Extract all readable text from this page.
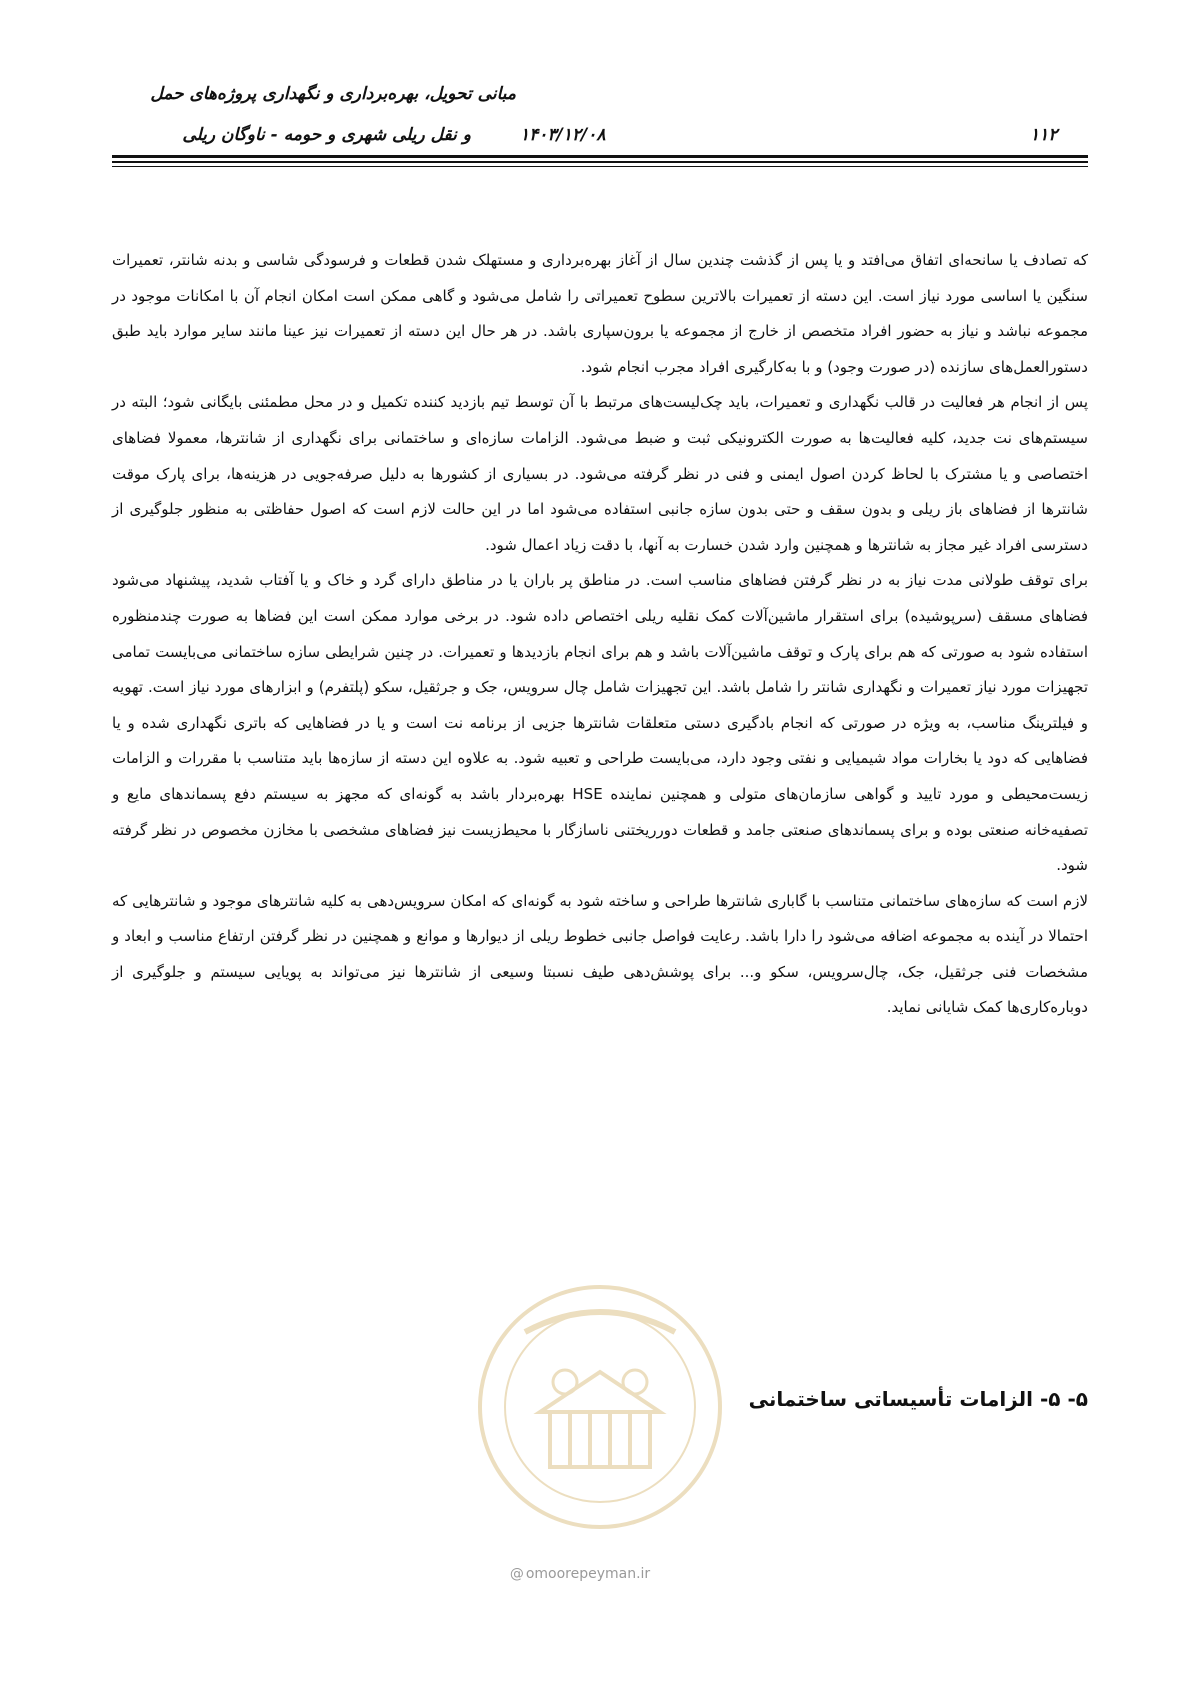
مبانی تحویل، بهره‌برداری و نگهداری پروژه‌های حمل

و نقل ریلی شهری و حومه - ناوگان ریلی	۱۴۰۳/۱۲/۰۸	۱۱۲

که تصادف یا سانحه‌ای اتفاق می‌افتد و یا پس از گذشت چندین سال از آغاز بهره‌برداری و مستهلک شدن قطعات و فرسودگی شاسی و بدنه شانتر، تعمیرات سنگین یا اساسی مورد نیاز است. این دسته از تعمیرات بالاترین سطوح تعمیراتی را شامل می‌شود و گاهی ممکن است امکان انجام آن با امکانات موجود در مجموعه نباشد و نیاز به حضور افراد متخصص از خارج از مجموعه یا برون‌سپاری باشد. در هر حال این دسته از تعمیرات نیز عینا مانند سایر موارد باید طبق دستورالعمل‌های سازنده (در صورت وجود) و با به‌کارگیری افراد مجرب انجام شود.

پس از انجام هر فعالیت در قالب نگهداری و تعمیرات، باید چک‌لیست‌های مرتبط با آن توسط تیم بازدید کننده تکمیل و در محل مطمئنی بایگانی شود؛ البته در سیستم‌های نت جدید، کلیه فعالیت‌ها به صورت الکترونیکی ثبت و ضبط می‌شود. الزامات سازه‌ای و ساختمانی برای نگهداری از شانترها، معمولا فضاهای اختصاصی و یا مشترک با لحاظ کردن اصول ایمنی و فنی در نظر گرفته می‌شود. در بسیاری از کشورها به دلیل صرفه‌جویی در هزینه‌ها، برای پارک موقت شانترها از فضاهای باز ریلی و بدون سقف و حتی بدون سازه جانبی استفاده می‌شود اما در این حالت لازم است که اصول حفاظتی به منظور جلوگیری از دسترسی افراد غیر مجاز به شانترها و همچنین وارد شدن خسارت به آنها، با دقت زیاد اعمال شود.

برای توقف طولانی مدت نیاز به در نظر گرفتن فضاهای مناسب است. در مناطق پر باران یا در مناطق دارای گرد و خاک و یا آفتاب شدید، پیشنهاد می‌شود فضاهای مسقف (سرپوشیده) برای استقرار ماشین‌آلات کمک نقلیه ریلی اختصاص داده شود. در برخی موارد ممکن است این فضاها به صورت چندمنظوره استفاده شود به صورتی که هم برای پارک و توقف ماشین‌آلات باشد و هم برای انجام بازدیدها و تعمیرات. در چنین شرایطی سازه ساختمانی می‌بایست تمامی تجهیزات مورد نیاز تعمیرات و نگهداری شانتر را شامل باشد. این تجهیزات شامل چال سرویس، جک و جرثقیل، سکو (پلتفرم) و ابزارهای مورد نیاز است. تهویه و فیلترینگ مناسب، به ویژه در صورتی که انجام بادگیری دستی متعلقات شانترها جزیی از برنامه نت است و یا در فضاهایی که باتری نگهداری شده و یا فضاهایی که دود یا بخارات مواد شیمیایی و نفتی وجود دارد، می‌بایست طراحی و تعبیه شود. به علاوه این دسته از سازه‌ها باید متناسب با مقررات و الزامات زیست‌محیطی و مورد تایید و گواهی سازمان‌های متولی و همچنین نماینده HSE بهره‌بردار باشد به گونه‌ای که مجهز به سیستم دفع پسماندهای مایع و تصفیه‌خانه صنعتی بوده و برای پسماندهای صنعتی جامد و قطعات دورریختنی ناسازگار با محیط‌زیست نیز فضاهای مشخصی با مخازن مخصوص در نظر گرفته شود.

لازم است که سازه‌های ساختمانی متناسب با گاباری شانترها طراحی و ساخته شود به گونه‌ای که امکان سرویس‌دهی به کلیه شانترهای موجود و شانترهایی که احتمالا در آینده به مجموعه اضافه می‌شود را دارا باشد. رعایت فواصل جانبی خطوط ریلی از دیوارها و موانع و همچنین در نظر گرفتن ارتفاع مناسب و ابعاد و مشخصات فنی جرثقیل، جک، چال‌سرویس، سکو و... برای پوشش‌دهی طیف نسبتا وسیعی از شانترها نیز می‌تواند به پویایی سیستم و جلوگیری از دوباره‌کاری‌ها کمک شایانی نماید.

۵- ۵- الزامات تأسیساتی ساختمانی

@ omoorepeyman.ir
